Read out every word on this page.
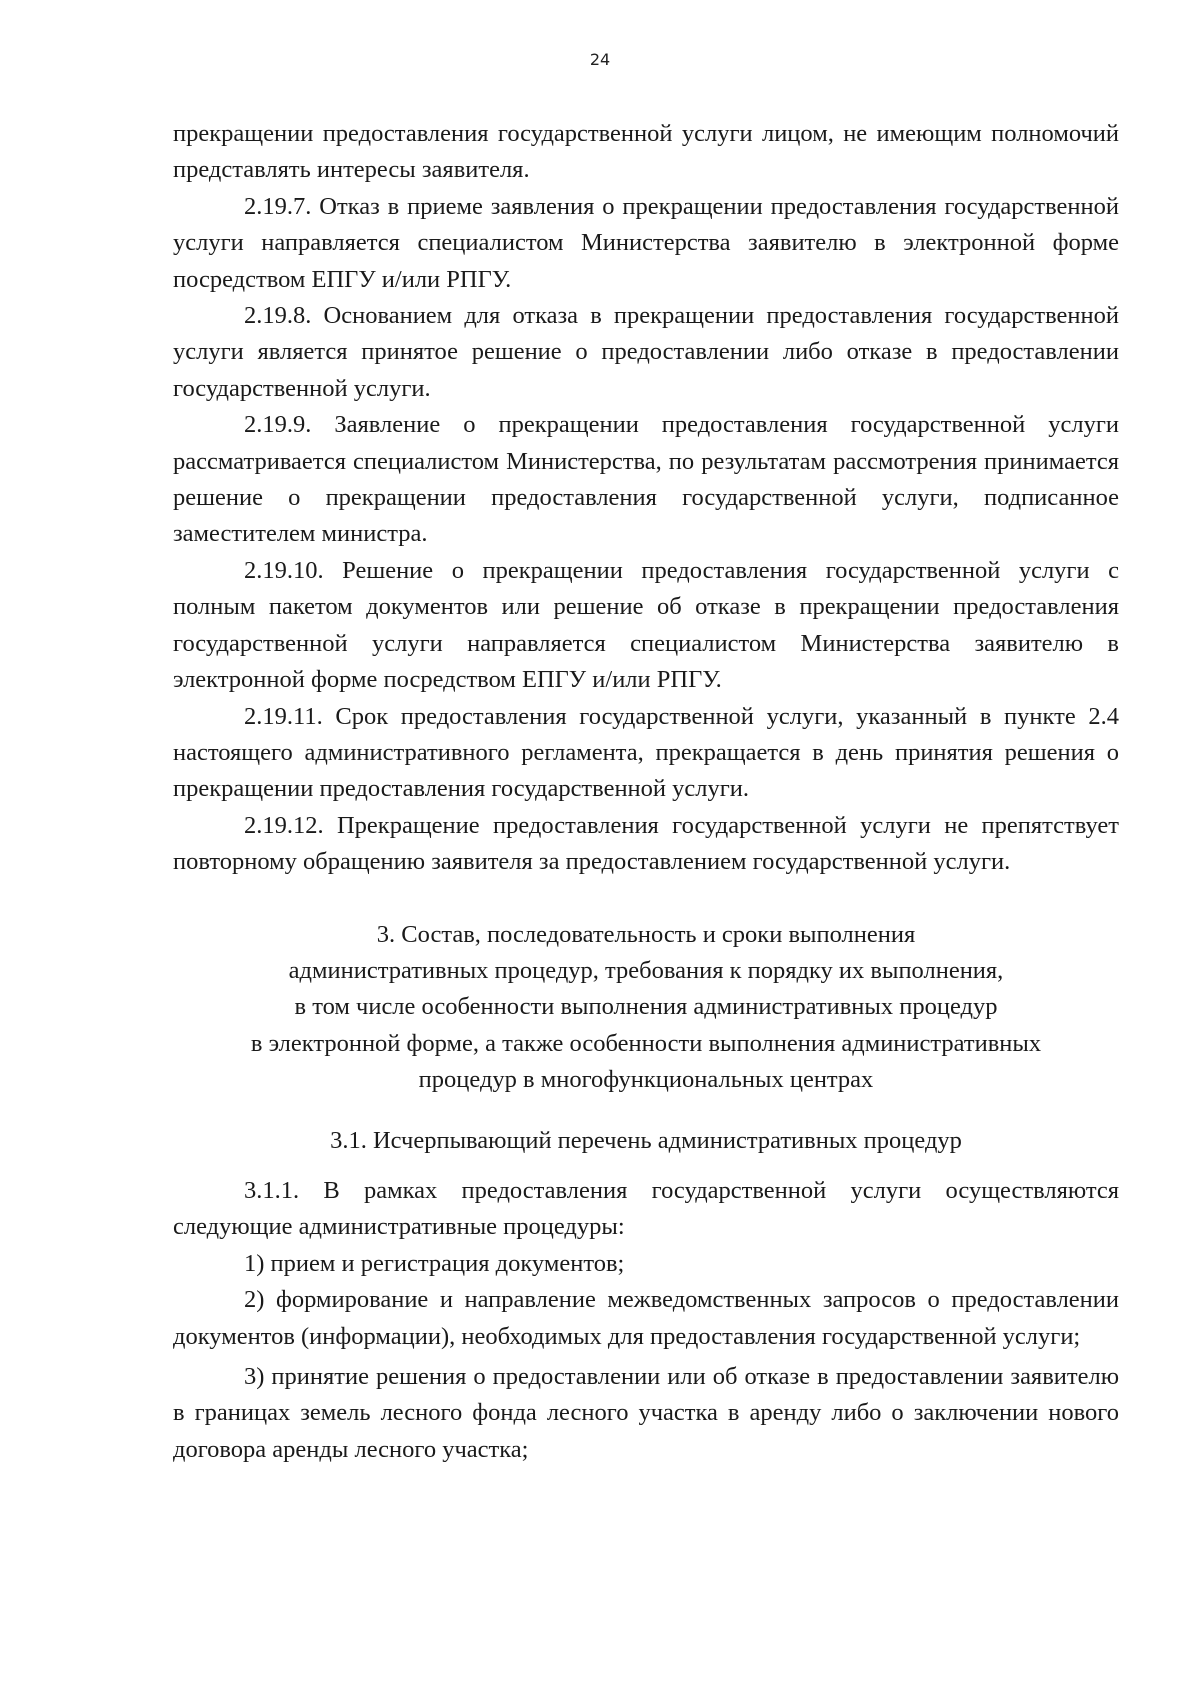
24

прекращении предоставления государственной услуги лицом, не имеющим полномочий представлять интересы заявителя.

2.19.7. Отказ в приеме заявления о прекращении предоставления государственной услуги направляется специалистом Министерства заявителю в электронной форме посредством ЕПГУ и/или РПГУ.

2.19.8. Основанием для отказа в прекращении предоставления государственной услуги является принятое решение о предоставлении либо отказе в предоставлении государственной услуги.

2.19.9. Заявление о прекращении предоставления государственной услуги рассматривается специалистом Министерства, по результатам рассмотрения принимается решение о прекращении предоставления государственной услуги, подписанное заместителем министра.

2.19.10. Решение о прекращении предоставления государственной услуги с полным пакетом документов или решение об отказе в прекращении предоставления государственной услуги направляется специалистом Министерства заявителю в электронной форме посредством ЕПГУ и/или РПГУ.

2.19.11. Срок предоставления государственной услуги, указанный в пункте 2.4 настоящего административного регламента, прекращается в день принятия решения о прекращении предоставления государственной услуги.

2.19.12. Прекращение предоставления государственной услуги не препятствует повторному обращению заявителя за предоставлением государственной услуги.

3. Состав, последовательность и сроки выполнения

административных процедур, требования к порядку их выполнения,

в том числе особенности выполнения административных процедур

в электронной форме, а также особенности выполнения административных

процедур в многофункциональных центрах

3.1. Исчерпывающий перечень административных процедур

3.1.1. В рамках предоставления государственной услуги осуществляются следующие административные процедуры:

1) прием и регистрация документов;

2) формирование и направление межведомственных запросов о предоставлении документов (информации), необходимых для предоставления государственной услуги;

3) принятие решения о предоставлении или об отказе в предоставлении заявителю в границах земель лесного фонда лесного участка в аренду либо о заключении нового договора аренды лесного участка;
